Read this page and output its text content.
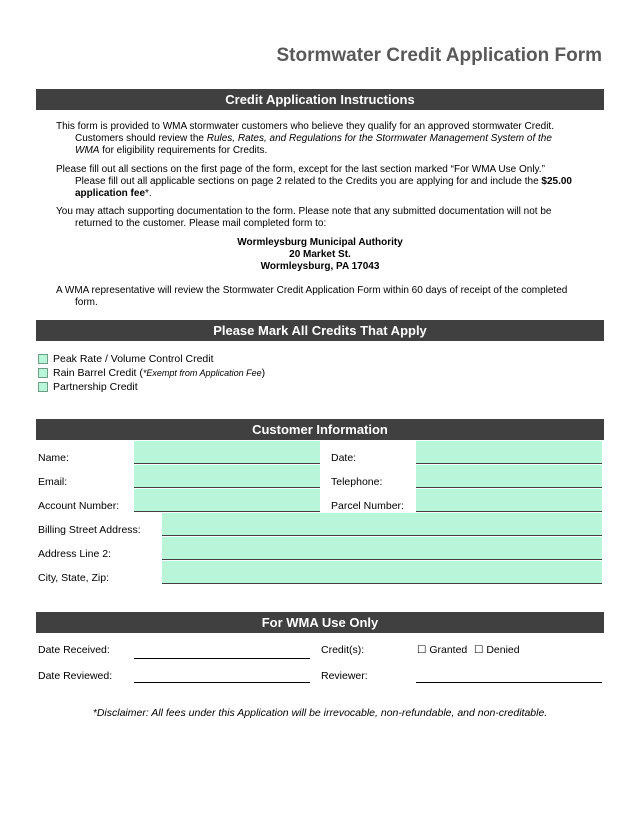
Stormwater Credit Application Form
Credit Application Instructions
This form is provided to WMA stormwater customers who believe they qualify for an approved stormwater Credit.
Customers should review the Rules, Rates, and Regulations for the Stormwater Management System of the
WMA for eligibility requirements for Credits.
Please fill out all sections on the first page of the form, except for the last section marked “For WMA Use Only.”
Please fill out all applicable sections on page 2 related to the Credits you are applying for and include the $25.00
application fee*.
You may attach supporting documentation to the form. Please note that any submitted documentation will not be
returned to the customer. Please mail completed form to:
Wormleysburg Municipal Authority
20 Market St.
Wormleysburg, PA 17043
A WMA representative will review the Stormwater Credit Application Form within 60 days of receipt of the completed
form.
Please Mark All Credits That Apply
Peak Rate / Volume Control Credit
Rain Barrel Credit ( *Exempt from Application Fee )
Partnership Credit
Customer Information
Name:	Date:
Email:	Telephone:
Account Number:	Parcel Number:
Billing Street Address:
Address Line 2:
City, State, Zip:
For WMA Use Only
Date Received:	Credit(s):	☐ Granted ☐ Denied
Date Reviewed:	Reviewer:
*Disclaimer: All fees under this Application will be irrevocable, non-refundable, and non-creditable.
